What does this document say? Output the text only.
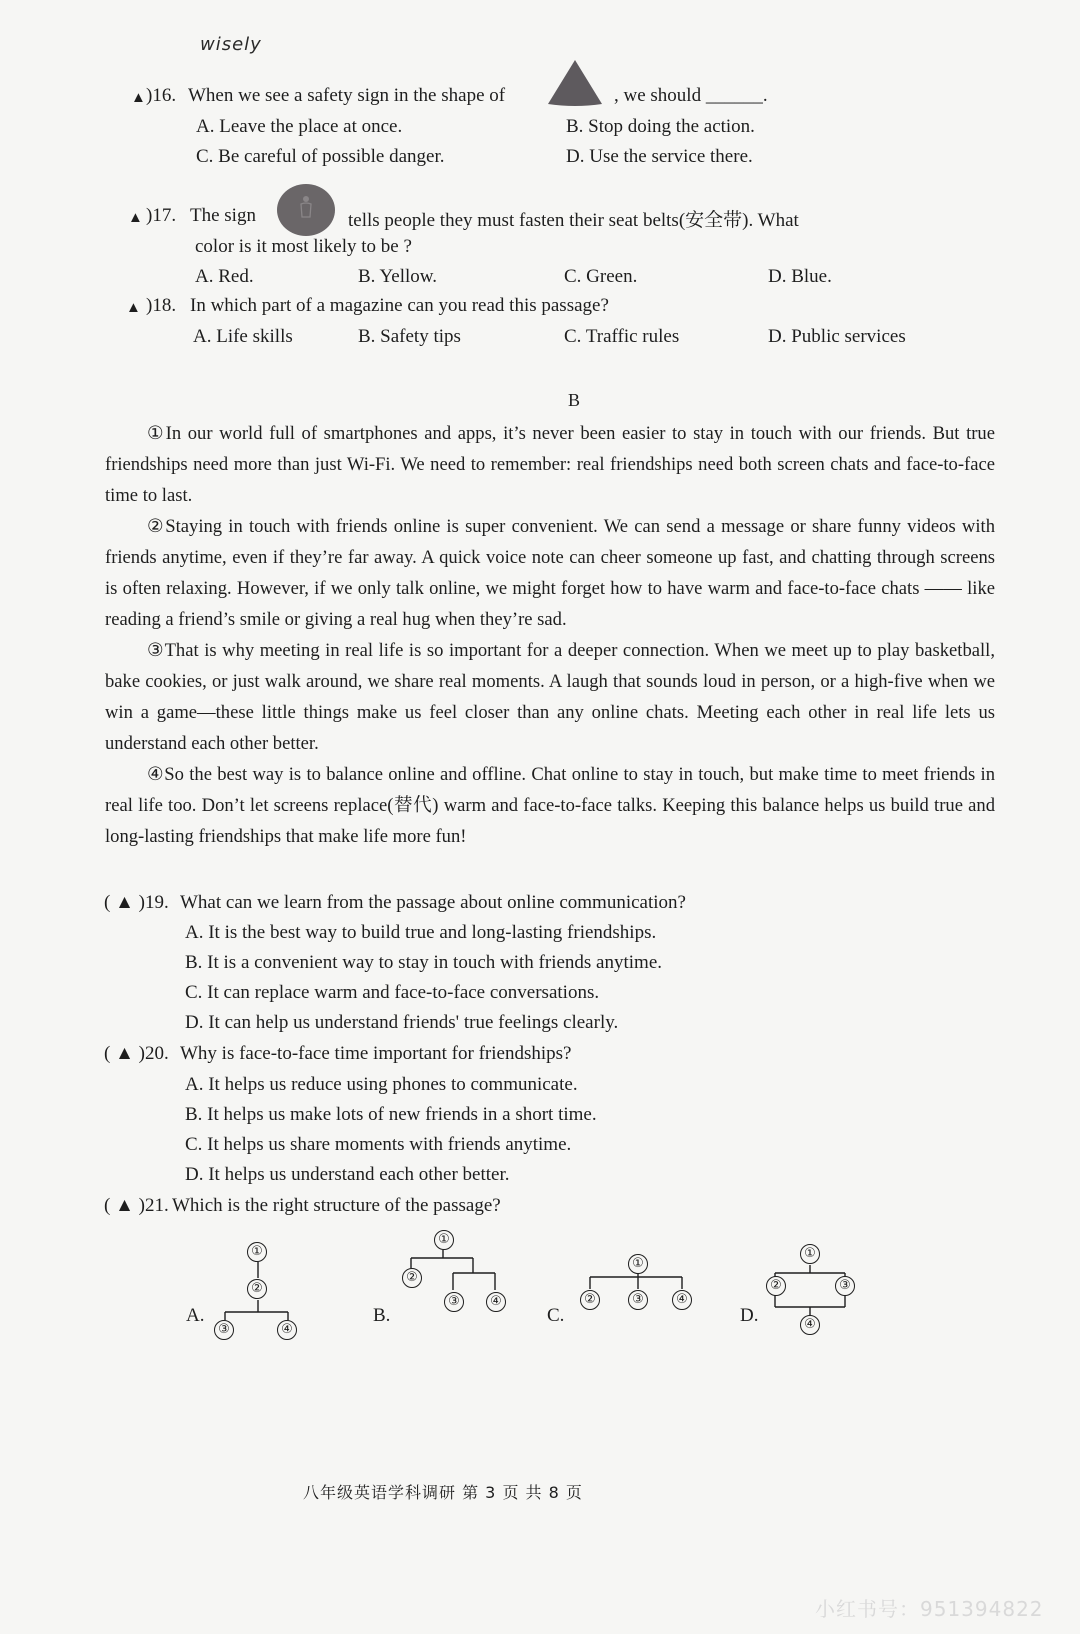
wisely
▲ )16. When we see a safety sign in the shape of	, we should ______.
A. Leave the place at once.	B. Stop doing the action.
C. Be careful of possible danger.	D. Use the service there.
▲ )17. The sign	tells people they must fasten their seat belts(安全带). What
color is it most likely to be ?
A. Red.	B. Yellow.	C. Green.	D. Blue.
▲ )18. In which part of a magazine can you read this passage?
A. Life skills	B. Safety tips	C. Traffic rules	D. Public services
B

①In our world full of smartphones and apps, it’s never been easier to stay in touch with our friends. But true friendships need more than just Wi-Fi. We need to remember: real friendships need both screen chats and face-to-face time to last.

②Staying in touch with friends online is super convenient. We can send a message or share funny videos with friends anytime, even if they’re far away. A quick voice note can cheer someone up fast, and chatting through screens is often relaxing. However, if we only talk online, we might forget how to have warm and face-to-face chats —— like reading a friend’s smile or giving a real hug when they’re sad.

③That is why meeting in real life is so important for a deeper connection. When we meet up to play basketball, bake cookies, or just walk around, we share real moments. A laugh that sounds loud in person, or a high-five when we win a game—these little things make us feel closer than any online chats. Meeting each other in real life lets us understand each other better.

④So the best way is to balance online and offline. Chat online to stay in touch, but make time to meet friends in real life too. Don’t let screens replace(替代) warm and face-to-face talks. Keeping this balance helps us build true and long-lasting friendships that make life more fun!

( ▲ )19. What can we learn from the passage about online communication?
A. It is the best way to build true and long-lasting friendships.
B. It is a convenient way to stay in touch with friends anytime.
C. It can replace warm and face-to-face conversations.
D. It can help us understand friends' true feelings clearly.
( ▲ )20. Why is face-to-face time important for friendships?
A. It helps us reduce using phones to communicate.
B. It helps us make lots of new friends in a short time.
C. It helps us share moments with friends anytime.
D. It helps us understand each other better.
( ▲ )21. Which is the right structure of the passage?
A.
①
②
③	④
B.
①
②
③	④
C.
①
②	③	④
D.
①
②	③
④
八年级英语学科调研 第 3 页 共 8 页
小红书号：951394822
